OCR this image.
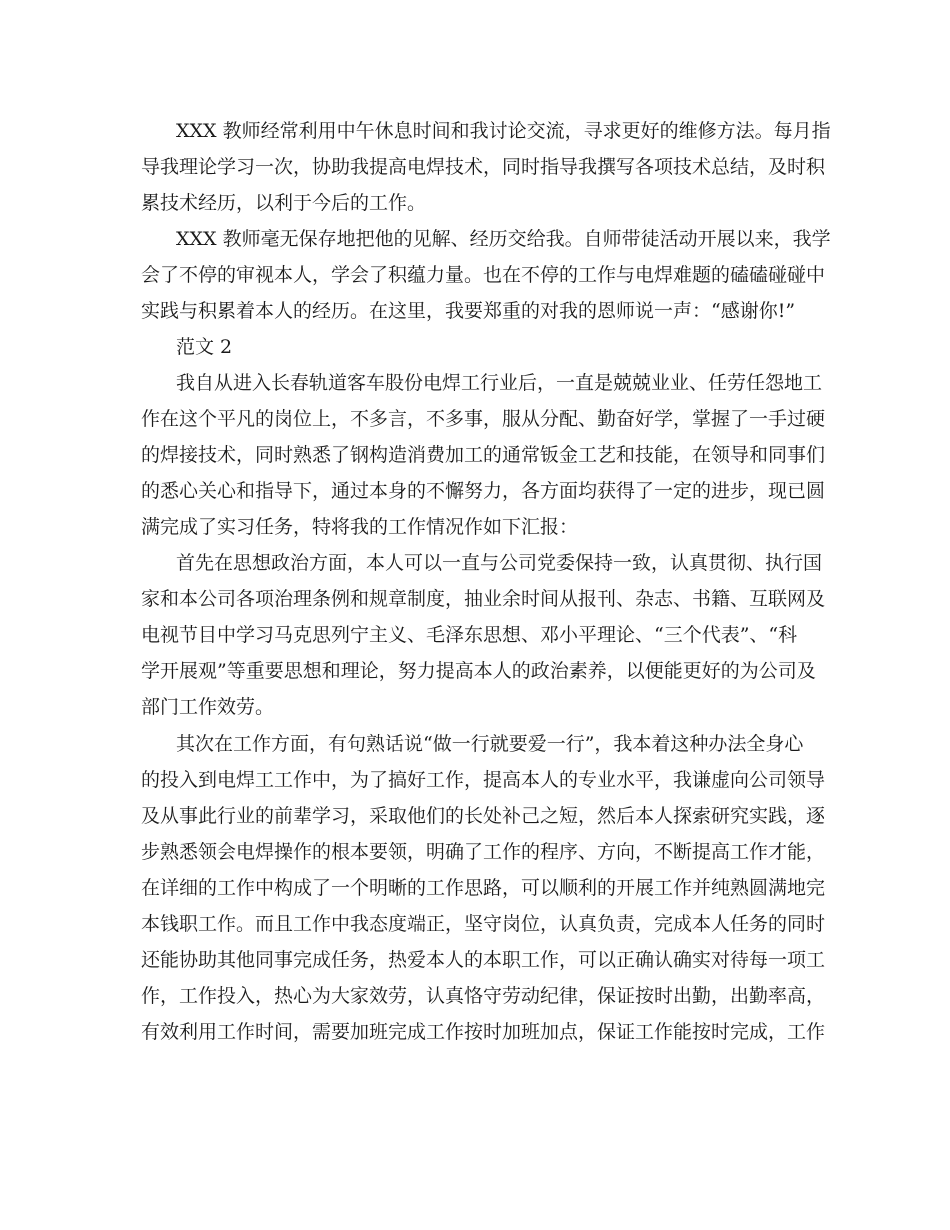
XXX 教师经常利用中午休息时间和我讨论交流，寻求更好的维修方法。每月指
导我理论学习一次，协助我提高电焊技术，同时指导我撰写各项技术总结，及时积
累技术经历，以利于今后的工作。
XXX 教师毫无保存地把他的见解、经历交给我。自师带徒活动开展以来，我学
会了不停的审视本人，学会了积蕴力量。也在不停的工作与电焊难题的磕磕碰碰中
实践与积累着本人的经历。在这里，我要郑重的对我的恩师说一声：“感谢你!”
范文 2
我自从进入长春轨道客车股份电焊工行业后，一直是兢兢业业、任劳任怨地工
作在这个平凡的岗位上，不多言，不多事，服从分配、勤奋好学，掌握了一手过硬
的焊接技术，同时熟悉了钢构造消费加工的通常钣金工艺和技能，在领导和同事们
的悉心关心和指导下，通过本身的不懈努力，各方面均获得了一定的进步，现已圆
满完成了实习任务，特将我的工作情况作如下汇报：
首先在思想政治方面，本人可以一直与公司党委保持一致，认真贯彻、执行国
家和本公司各项治理条例和规章制度，抽业余时间从报刊、杂志、书籍、互联网及
电视节目中学习马克思列宁主义、毛泽东思想、邓小平理论、“三个代表”、“科
学开展观”等重要思想和理论，努力提高本人的政治素养，以便能更好的为公司及
部门工作效劳。
其次在工作方面，有句熟话说“做一行就要爱一行”，我本着这种办法全身心
的投入到电焊工工作中，为了搞好工作，提高本人的专业水平，我谦虚向公司领导
及从事此行业的前辈学习，采取他们的长处补己之短，然后本人探索研究实践，逐
步熟悉领会电焊操作的根本要领，明确了工作的程序、方向，不断提高工作才能，
在详细的工作中构成了一个明晰的工作思路，可以顺利的开展工作并纯熟圆满地完
本钱职工作。而且工作中我态度端正，坚守岗位，认真负责，完成本人任务的同时
还能协助其他同事完成任务，热爱本人的本职工作，可以正确认确实对待每一项工
作，工作投入，热心为大家效劳，认真恪守劳动纪律，保证按时出勤，出勤率高，
有效利用工作时间，需要加班完成工作按时加班加点，保证工作能按时完成，工作
